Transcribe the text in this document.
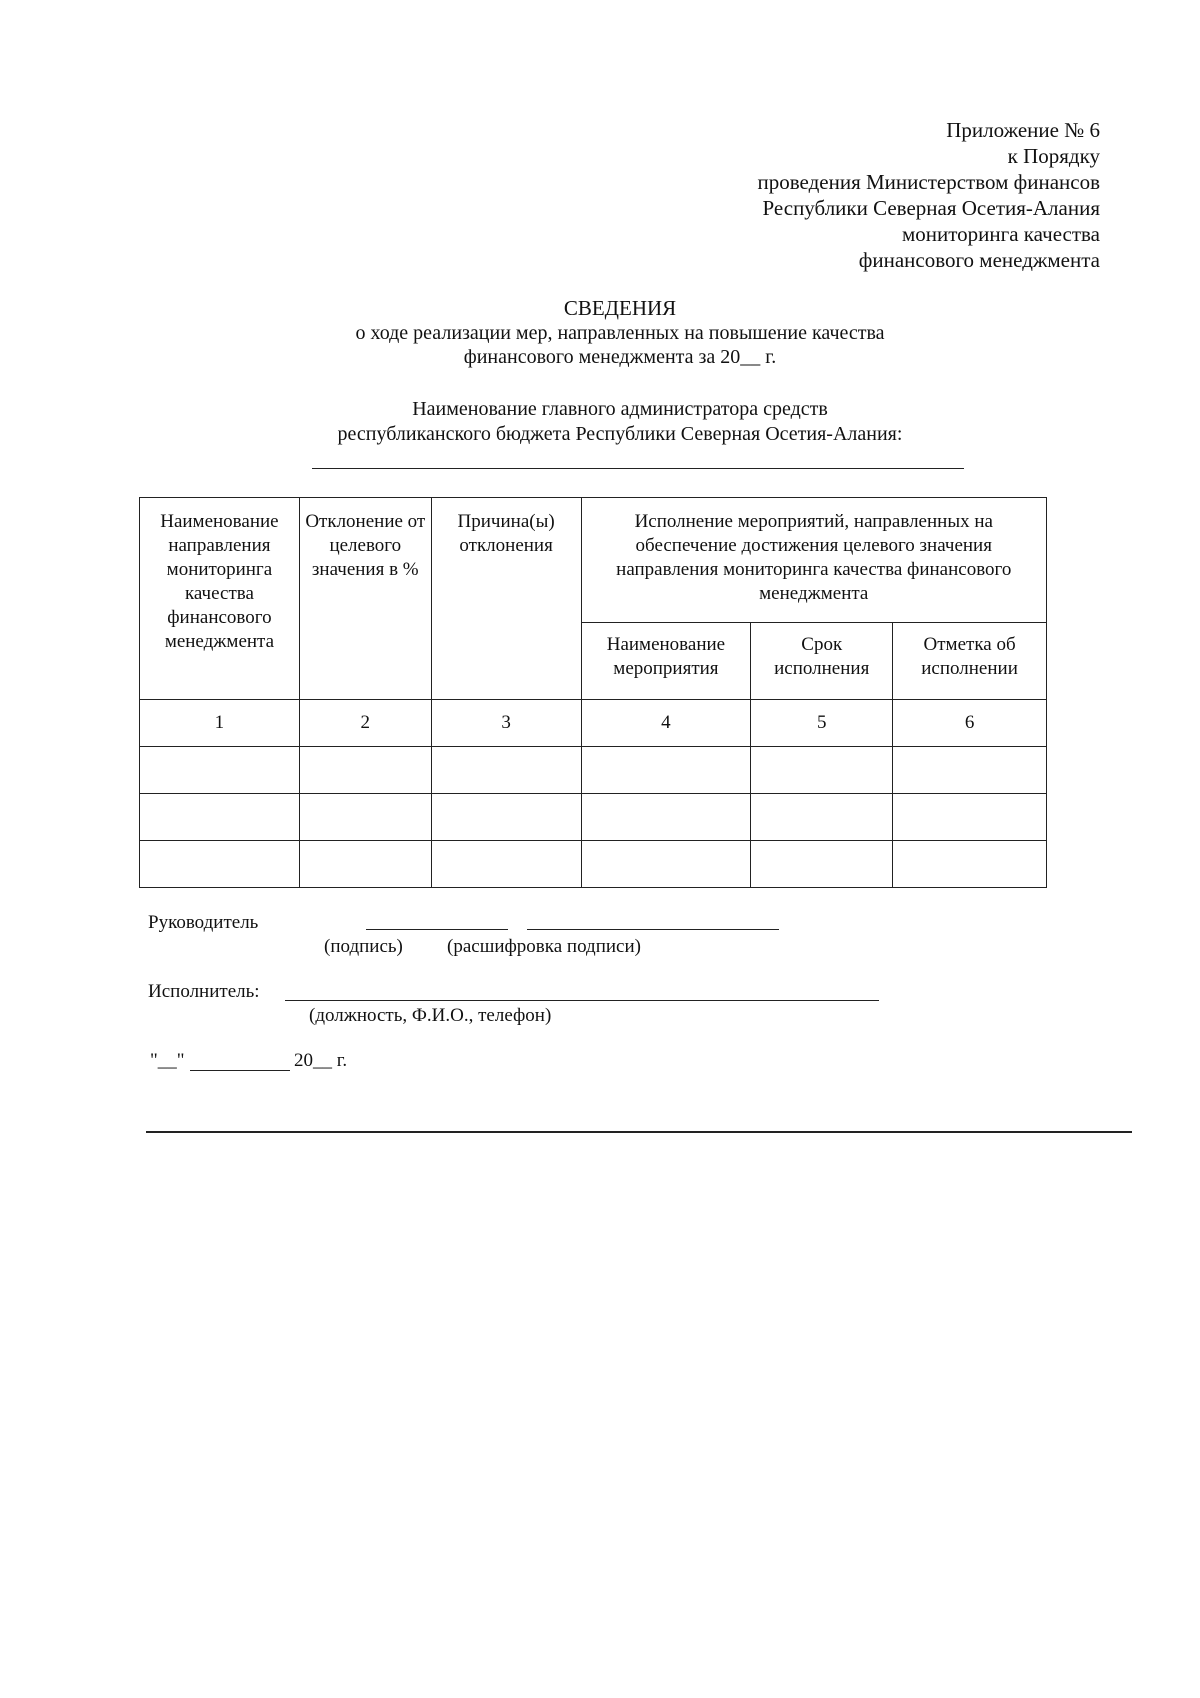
Приложение № 6
к Порядку
проведения Министерством финансов
Республики Северная Осетия-Алания
мониторинга качества
финансового менеджмента
СВЕДЕНИЯ
о ходе реализации мер, направленных на повышение качества
финансового менеджмента за 20__ г.
Наименование главного администратора средств
республиканского бюджета Республики Северная Осетия-Алания:
Наименование направления мониторинга качества финансового менеджмента	Отклонение от целевого значения в %	Причина(ы) отклонения	Исполнение мероприятий, направленных на обеспечение достижения целевого значения направления мониторинга качества финансового менеджмента		
			Наименование мероприятия	Срок исполнения	Отметка об исполнении
1	2	3	4	5	6

Руководитель
(подпись) (расшифровка подписи)
Исполнитель:
(должность, Ф.И.О., телефон)
"__"	20__ г.
